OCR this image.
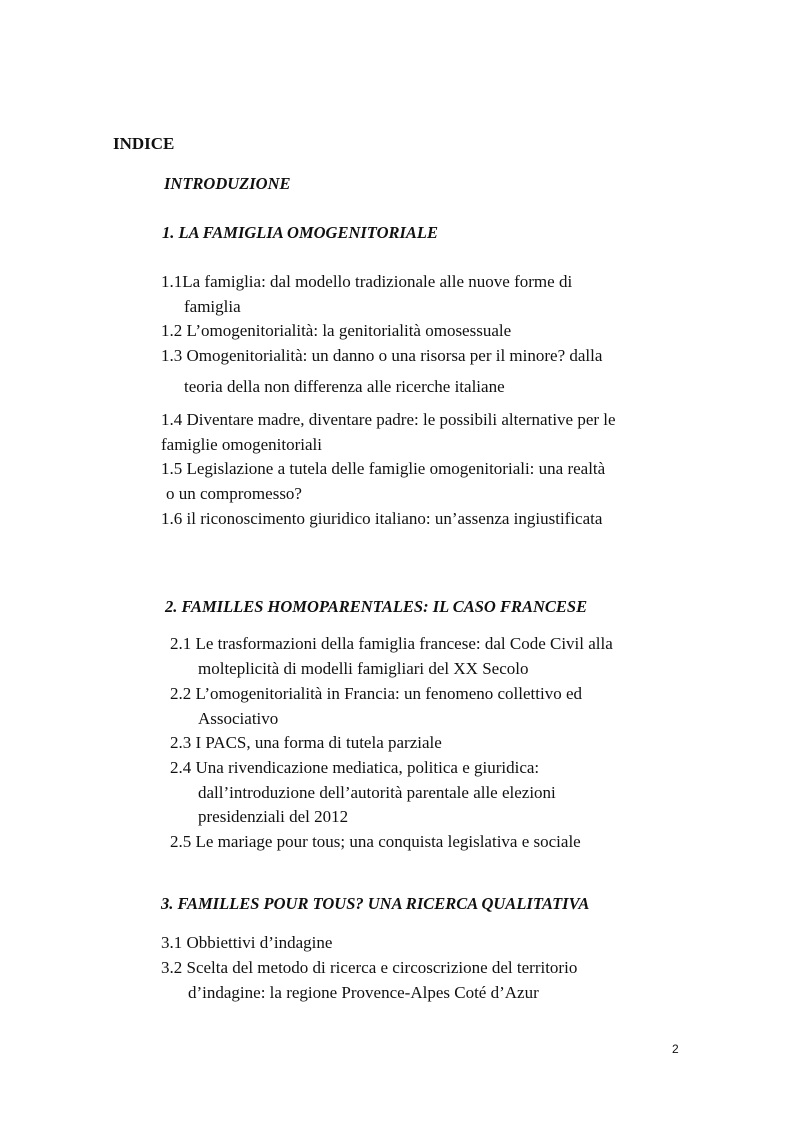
INDICE
INTRODUZIONE
1. LA FAMIGLIA OMOGENITORIALE
1.1La famiglia: dal modello tradizionale alle nuove forme di
famiglia
1.2 L’omogenitorialità: la genitorialità omosessuale
1.3 Omogenitorialità: un danno o una risorsa per il minore? dalla
teoria della non differenza alle ricerche italiane
1.4 Diventare madre, diventare padre: le possibili alternative per le
famiglie omogenitoriali
1.5 Legislazione a tutela delle famiglie omogenitoriali: una realtà
o un compromesso?
1.6 il riconoscimento giuridico italiano: un’assenza ingiustificata
2. FAMILLES HOMOPARENTALES: IL CASO FRANCESE
2.1 Le trasformazioni della famiglia francese: dal Code Civil alla
molteplicità di modelli famigliari del XX Secolo
2.2 L’omogenitorialità in Francia: un fenomeno collettivo ed
Associativo
2.3 I PACS, una forma di tutela parziale
2.4 Una rivendicazione mediatica, politica e giuridica:
dall’introduzione dell’autorità parentale alle elezioni
presidenziali del 2012
2.5 Le mariage pour tous; una conquista legislativa e sociale
3. FAMILLES POUR TOUS? UNA RICERCA QUALITATIVA
3.1 Obbiettivi d’indagine
3.2 Scelta del metodo di ricerca e circoscrizione del territorio
d’indagine: la regione Provence-Alpes Coté d’Azur
2
